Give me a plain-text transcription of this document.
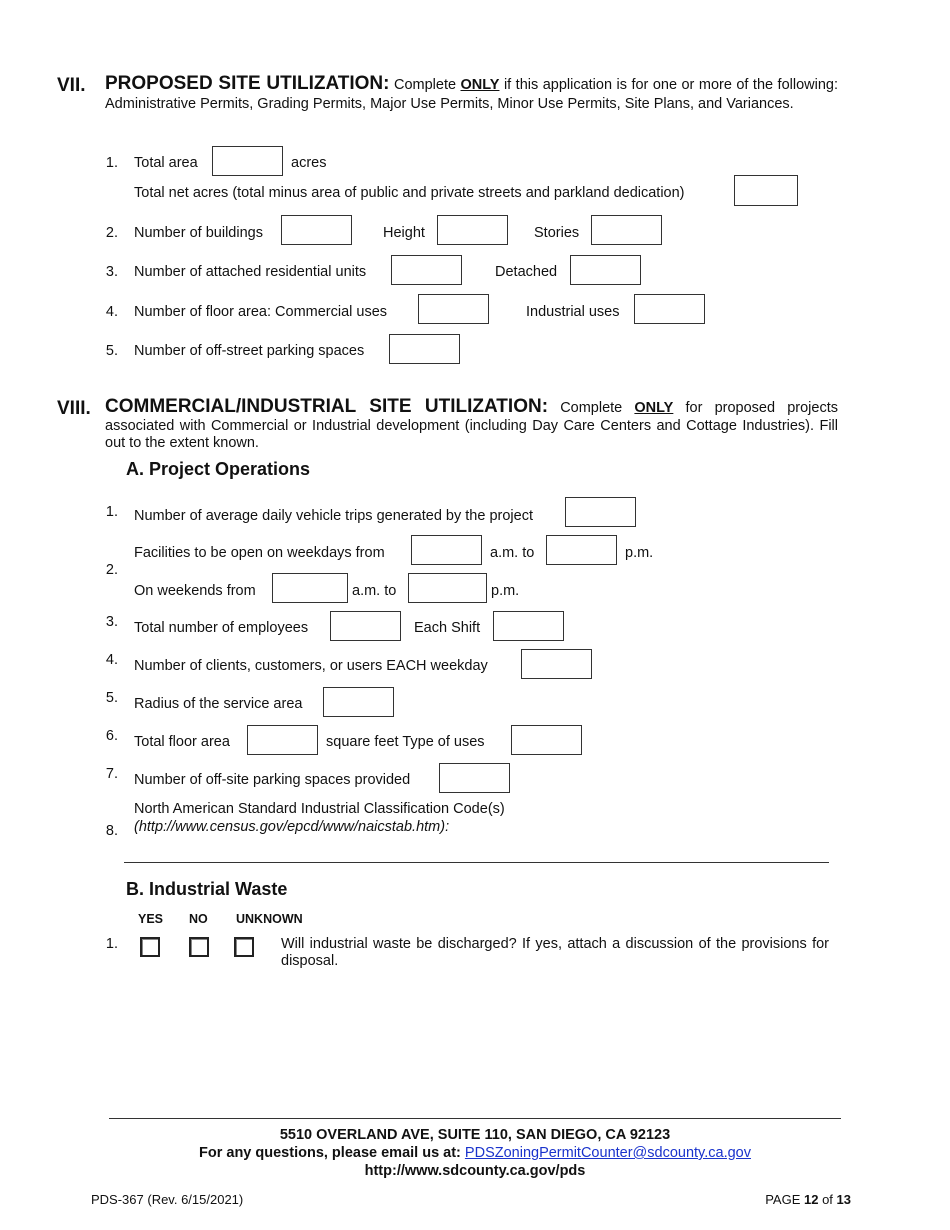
VII. PROPOSED SITE UTILIZATION: Complete ONLY if this application is for one or more of the following: Administrative Permits, Grading Permits, Major Use Permits, Minor Use Permits, Site Plans, and Variances.
1. Total area	acres
Total net acres (total minus area of public and private streets and parkland dedication)
2. Number of buildings	Height	Stories
3. Number of attached residential units	Detached
4. Number of floor area: Commercial uses	Industrial uses
5. Number of off-street parking spaces
VIII. COMMERCIAL/INDUSTRIAL SITE UTILIZATION: Complete ONLY for proposed projects associated with Commercial or Industrial development (including Day Care Centers and Cottage Industries). Fill out to the extent known.
A. Project Operations
1. Number of average daily vehicle trips generated by the project
2.
Facilities to be open on weekdays from	a.m. to	p.m.
On weekends from	a.m. to	p.m.
3. Total number of employees	Each Shift
4. Number of clients, customers, or users EACH weekday
5. Radius of the service area
6. Total floor area	square feet Type of uses
7. Number of off-site parking spaces provided
8.
North American Standard Industrial Classification Code(s)
(http://www.census.gov/epcd/www/naicstab.htm):
B. Industrial Waste
YES NO UNKNOWN
1.	Will industrial waste be discharged? If yes, attach a discussion of the provisions for disposal.
5510 OVERLAND AVE, SUITE 110, SAN DIEGO, CA 92123
For any questions, please email us at: PDSZoningPermitCounter@sdcounty.ca.gov
http://www.sdcounty.ca.gov/pds
PDS-367 (Rev. 6/15/2021)	PAGE 12 of 13
